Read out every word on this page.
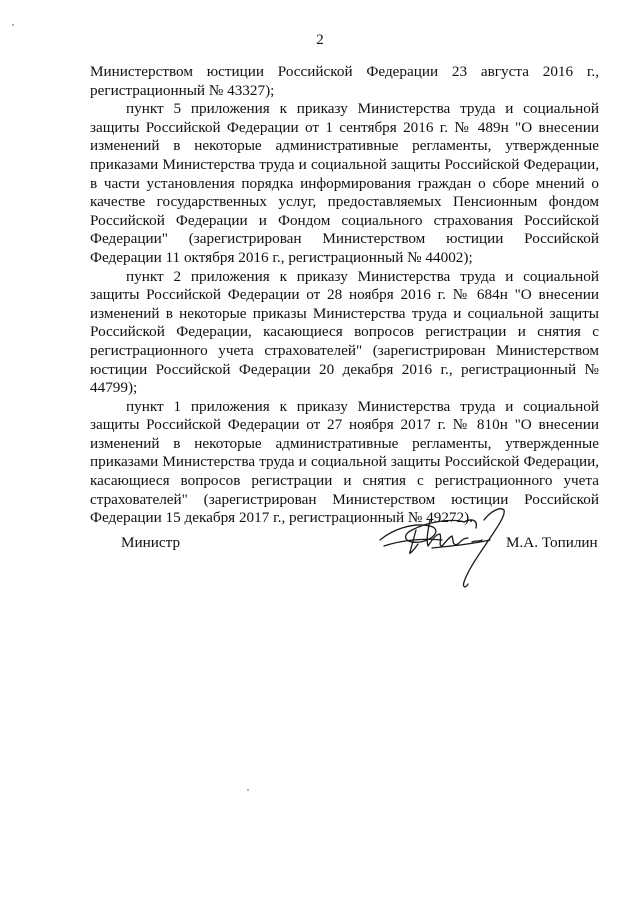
2

Министерством юстиции Российской Федерации 23 августа 2016 г., регистрационный № 43327);

пункт 5 приложения к приказу Министерства труда и социальной защиты Российской Федерации от 1 сентября 2016 г. № 489н "О внесении изменений в некоторые административные регламенты, утвержденные приказами Министерства труда и социальной защиты Российской Федерации, в части установления порядка информирования граждан о сборе мнений о качестве государственных услуг, предоставляемых Пенсионным фондом Российской Федерации и Фондом социального страхования Российской Федерации" (зарегистрирован Министерством юстиции Российской Федерации 11 октября 2016 г., регистрационный № 44002);

пункт 2 приложения к приказу Министерства труда и социальной защиты Российской Федерации от 28 ноября 2016 г. № 684н "О внесении изменений в некоторые приказы Министерства труда и социальной защиты Российской Федерации, касающиеся вопросов регистрации и снятия с регистрационного учета страхователей" (зарегистрирован Министерством юстиции Российской Федерации 20 декабря 2016 г., регистрационный № 44799);

пункт 1 приложения к приказу Министерства труда и социальной защиты Российской Федерации от 27 ноября 2017 г. № 810н "О внесении изменений в некоторые административные регламенты, утвержденные приказами Министерства труда и социальной защиты Российской Федерации, касающиеся вопросов регистрации и снятия с регистрационного учета страхователей" (зарегистрирован Министерством юстиции Российской Федерации 15 декабря 2017 г., регистрационный № 49272).

Министр	М.А. Топилин
